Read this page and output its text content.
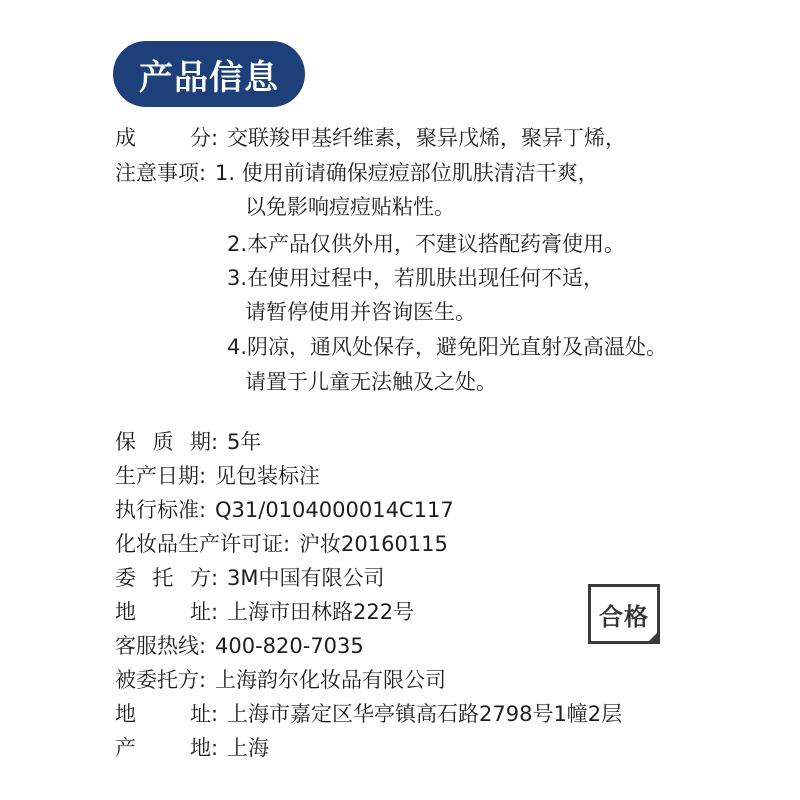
产品信息
成	分 : 交联羧甲基纤维素，聚异戊烯，聚异丁烯，
注意事项 : 1. 使用前请确保痘痘部位肌肤清洁干爽，
以免影响痘痘贴粘性。
2.本产品仅供外用，不建议搭配药膏使用。
3.在使用过程中，若肌肤出现任何不适，
请暂停使用并咨询医生。
4.阴凉，通风处保存，避免阳光直射及高温处。
请置于儿童无法触及之处。
保 质 期 : 5年
生产日期 : 见包装标注
执行标准 : Q31/0104000014C117
化妆品生产许可证 : 沪妆20160115
委 托 方 : 3M中国有限公司
地	址 : 上海市田林路222号
客服热线 : 400-820-7035
被委托方 : 上海韵尔化妆品有限公司
地	址 : 上海市嘉定区华亭镇高石路2798号1幢2层
产	地 : 上海
合格
